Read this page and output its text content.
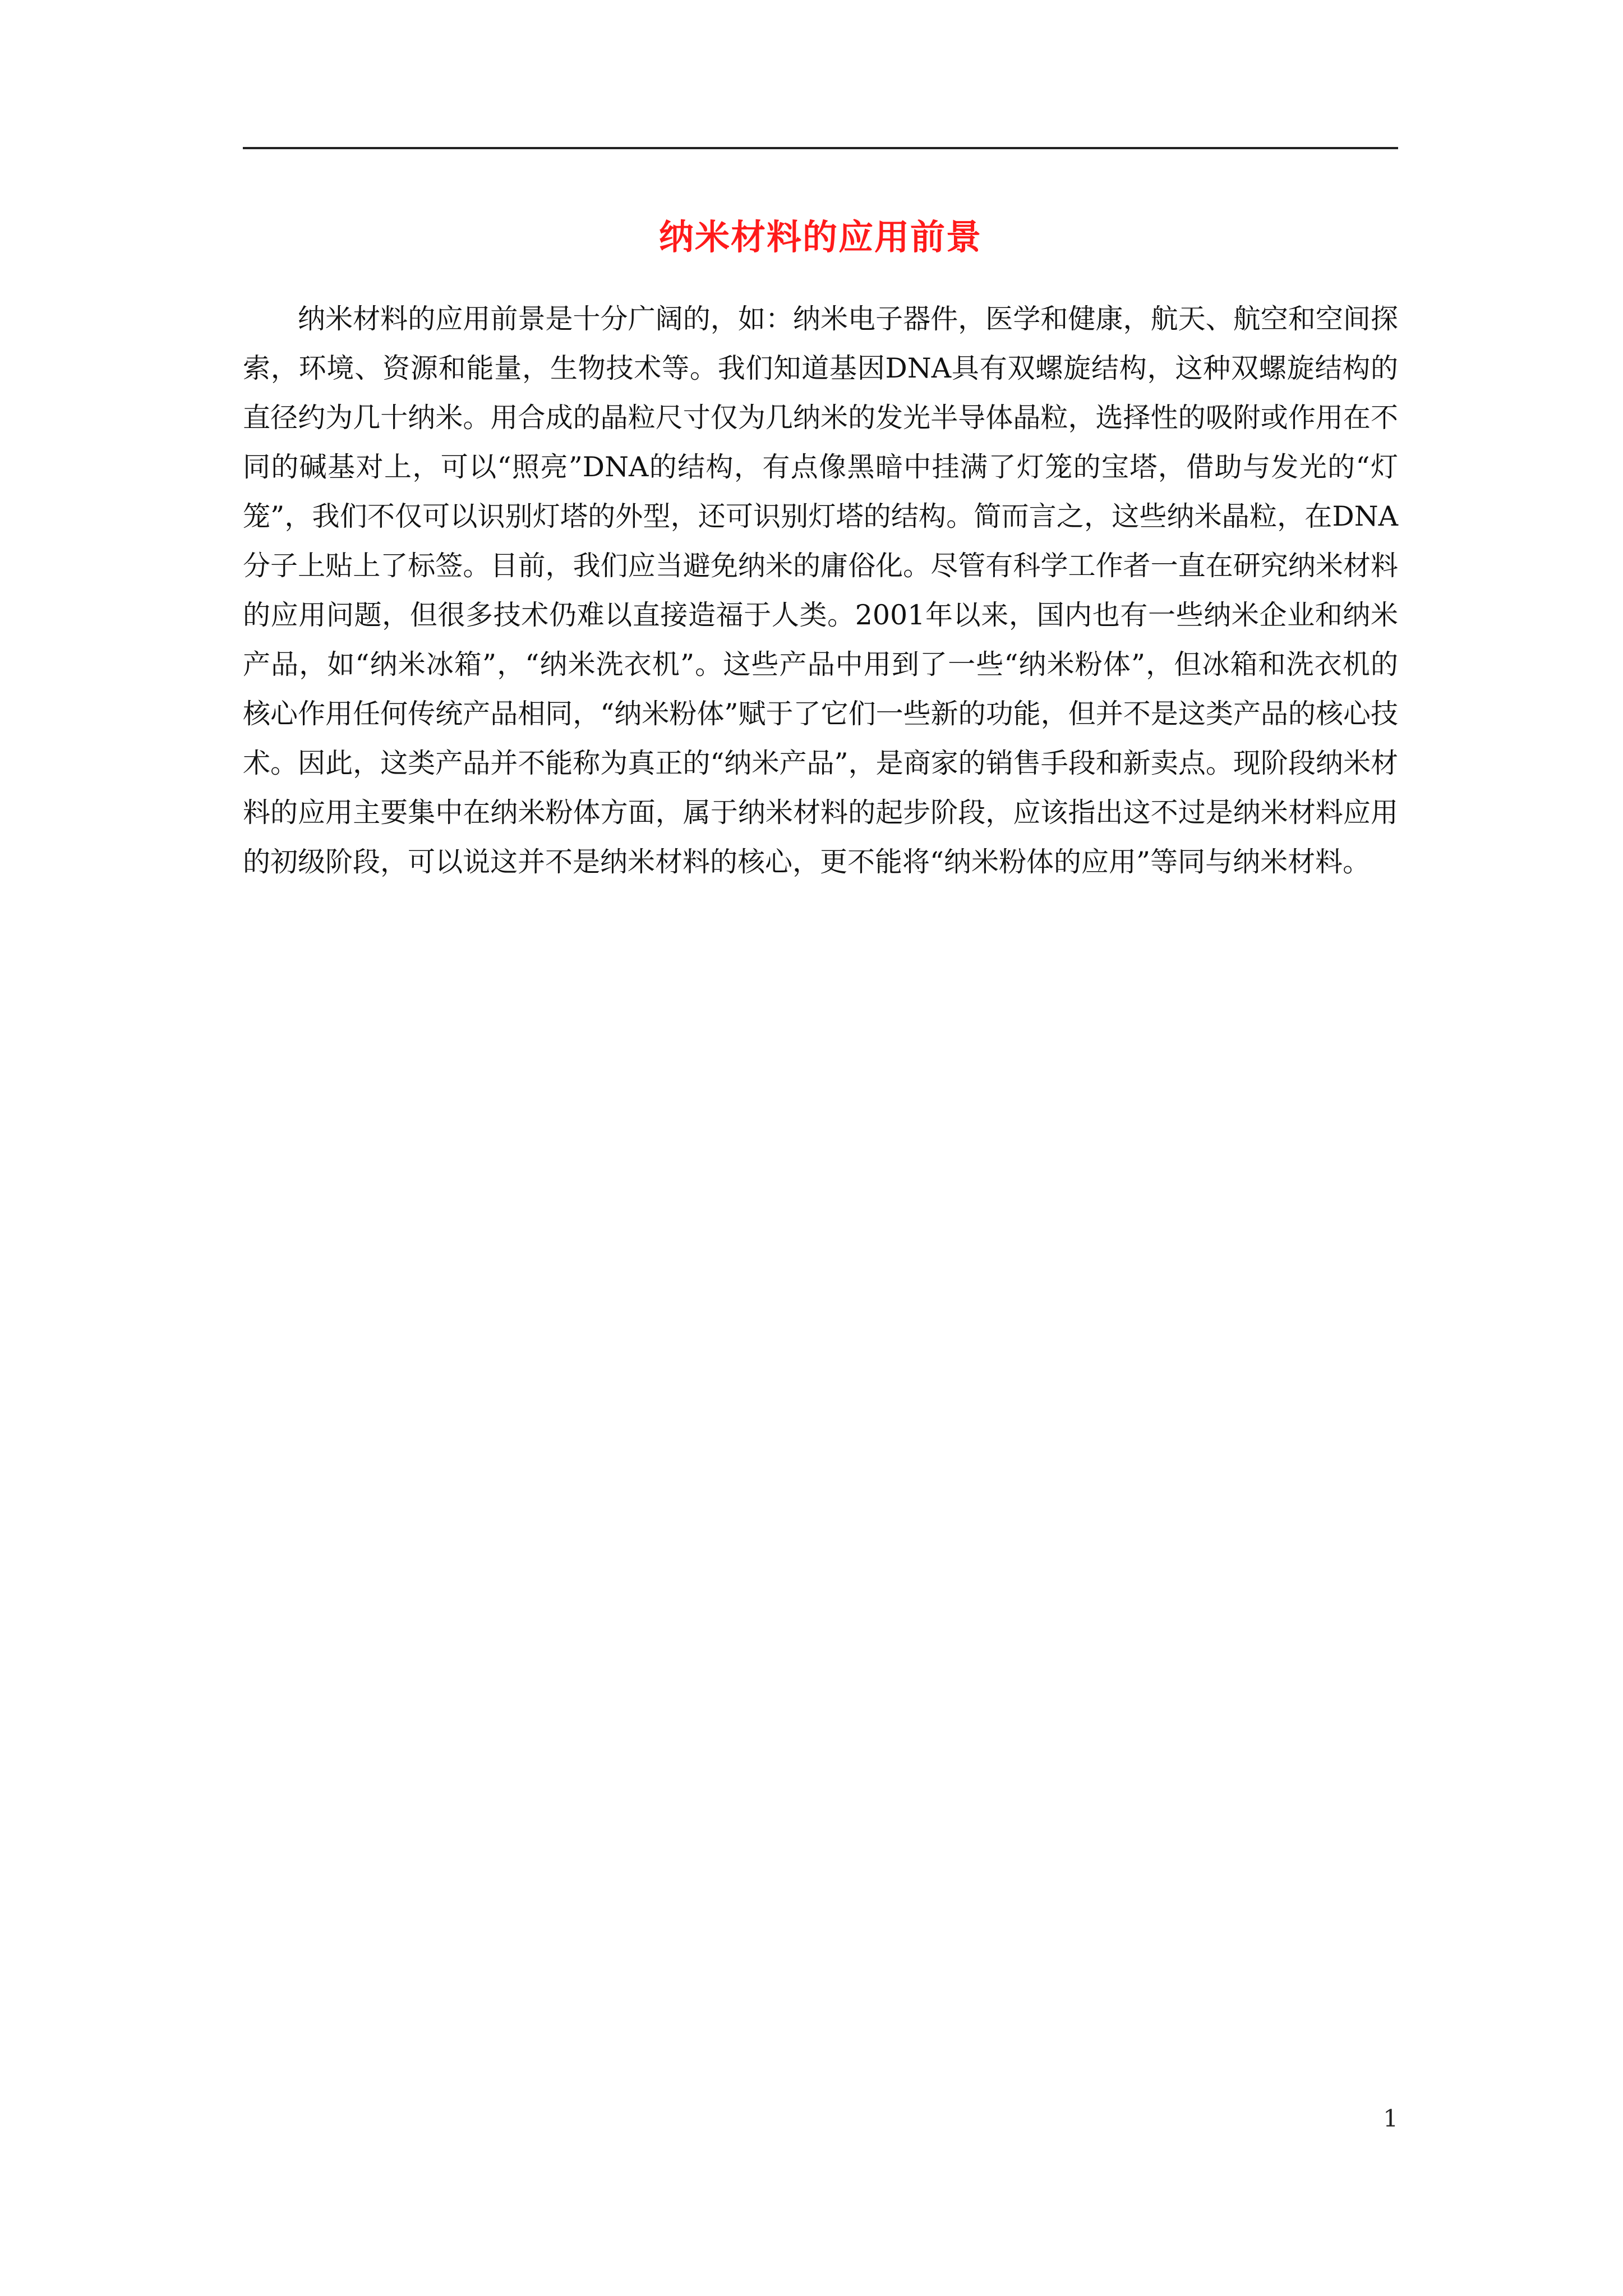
纳米材料的应用前景

纳米材料的应用前景是十分广阔的，如：纳米电子器件，医学和健康，航天、航空和空间探索，环境、资源和能量，生物技术等。我们知道基因DNA具有双螺旋结构，这种双螺旋结构的直径约为几十纳米。用合成的晶粒尺寸仅为几纳米的发光半导体晶粒，选择性的吸附或作用在不同的碱基对上，可以“照亮”DNA的结构，有点像黑暗中挂满了灯笼的宝塔，借助与发光的“灯笼”，我们不仅可以识别灯塔的外型，还可识别灯塔的结构。简而言之，这些纳米晶粒，在DNA分子上贴上了标签。目前，我们应当避免纳米的庸俗化。尽管有科学工作者一直在研究纳米材料的应用问题，但很多技术仍难以直接造福于人类。2001年以来，国内也有一些纳米企业和纳米产品，如“纳米冰箱”，“纳米洗衣机”。这些产品中用到了一些“纳米粉体”，但冰箱和洗衣机的核心作用任何传统产品相同，“纳米粉体”赋于了它们一些新的功能，但并不是这类产品的核心技术。因此，这类产品并不能称为真正的“纳米产品”，是商家的销售手段和新卖点。现阶段纳米材料的应用主要集中在纳米粉体方面，属于纳米材料的起步阶段，应该指出这不过是纳米材料应用的初级阶段，可以说这并不是纳米材料的核心，更不能将“纳米粉体的应用”等同与纳米材料。

1
